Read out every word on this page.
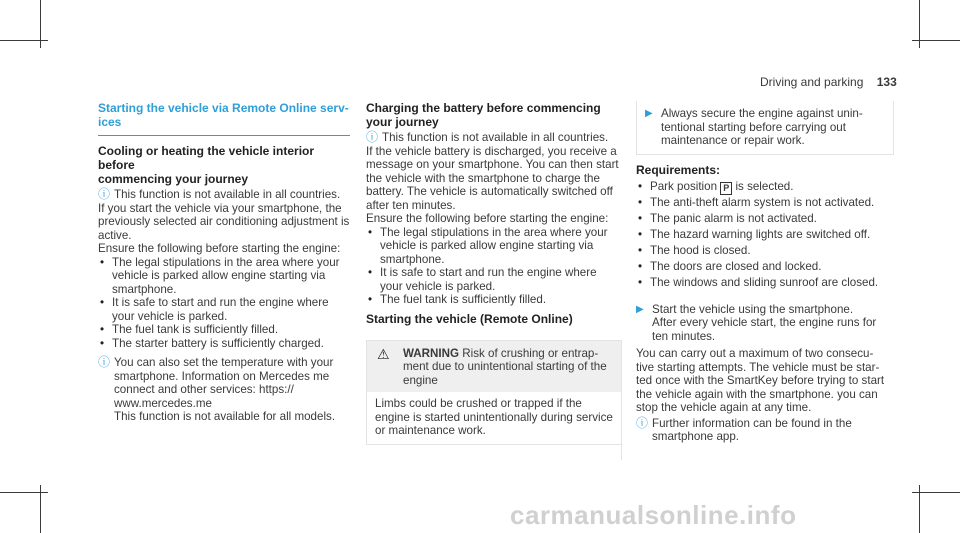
Driving and parking 133

Starting the vehicle via Remote Online serv-
ices

Cooling or heating the vehicle interior before
commencing your journey

ⓘ This function is not available in all countries.

If you start the vehicle via your smartphone, the previously selected air conditioning adjustment is active.

Ensure the following before starting the engine:

• The legal stipulations in the area where your vehicle is parked allow engine starting via smartphone.
• It is safe to start and run the engine where your vehicle is parked.
• The fuel tank is sufficiently filled.
• The starter battery is sufficiently charged.
ⓘ You can also set the temperature with your smartphone. Information on Mercedes me connect and other services: https://
www.mercedes.me
This function is not available for all models.

Charging the battery before commencing
your journey

ⓘ This function is not available in all countries.

If the vehicle battery is discharged, you receive a message on your smartphone. You can then start the vehicle with the smartphone to charge the battery. The vehicle is automatically switched off after ten minutes.

Ensure the following before starting the engine:

• The legal stipulations in the area where your vehicle is parked allow engine starting via smartphone.
• It is safe to start and run the engine where your vehicle is parked.
• The fuel tank is sufficiently filled.

Starting the vehicle (Remote Online)

⚠ WARNING Risk of crushing or entrap-
ment due to unintentional starting of the engine
Limbs could be crushed or trapped if the engine is started unintentionally during service or maintenance work.
▶ Always secure the engine against unin-
tentional starting before carrying out maintenance or repair work.

Requirements:

• Park position P is selected.
• The anti-theft alarm system is not activated.
• The panic alarm is not activated.
• The hazard warning lights are switched off.
• The hood is closed.
• The doors are closed and locked.
• The windows and sliding sunroof are closed.
▶ Start the vehicle using the smartphone.
After every vehicle start, the engine runs for ten minutes.

You can carry out a maximum of two consecu-
tive starting attempts. The vehicle must be star-
ted once with the SmartKey before trying to start the vehicle again with the smartphone. you can stop the vehicle again at any time.

ⓘ Further information can be found in the smartphone app.
carmanualsonline.info
